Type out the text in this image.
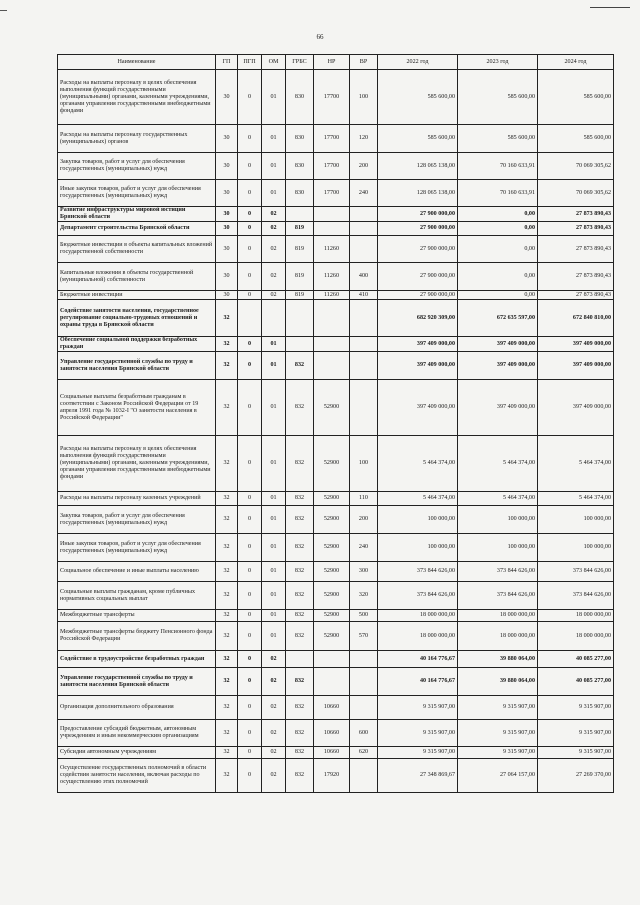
66
Наименование	ГП	ПГП	ОМ	ГРБС	НР	ВР	2022 год	2023 год	2024 год
Расходы на выплаты персоналу в целях обеспечения выполнения функций государственными (муниципальными) органами, казенными учреждениями, органами управления государственными внебюджетными фондами	30	0	01	830	17700	100	585 600,00	585 600,00	585 600,00
Расходы на выплаты персоналу государственных (муниципальных) органов	30	0	01	830	17700	120	585 600,00	585 600,00	585 600,00
Закупка товаров, работ и услуг для обеспечения государственных (муниципальных) нужд	30	0	01	830	17700	200	128 065 138,00	70 160 633,91	70 069 305,62
Иные закупки товаров, работ и услуг для обеспечения государственных (муниципальных) нужд	30	0	01	830	17700	240	128 065 138,00	70 160 633,91	70 069 305,62
Развитие инфраструктуры мировой юстиции Брянской области	30	0	02				27 900 000,00	0,00	27 873 890,43
Департамент строительства Брянской области	30	0	02	819			27 900 000,00	0,00	27 873 890,43
Бюджетные инвестиции в объекты капитальных вложений государственной собственности	30	0	02	819	11260		27 900 000,00	0,00	27 873 890,43
Капитальные вложения в объекты государственной (муниципальной) собственности	30	0	02	819	11260	400	27 900 000,00	0,00	27 873 890,43
Бюджетные инвестиции	30	0	02	819	11260	410	27 900 000,00	0,00	27 873 890,43
Содействие занятости населения, государственное регулирование социально-трудовых отношений и охраны труда в Брянской области	32						682 920 309,00	672 635 597,00	672 840 810,00
Обеспечение социальной поддержки безработных граждан	32	0	01				397 409 000,00	397 409 000,00	397 409 000,00
Управление государственной службы по труду и занятости населения Брянской области	32	0	01	832			397 409 000,00	397 409 000,00	397 409 000,00
Социальные выплаты безработным гражданам в соответствии с Законом Российской Федерации от 19 апреля 1991 года № 1032-I "О занятости населения в Российской Федерации"	32	0	01	832	52900		397 409 000,00	397 409 000,00	397 409 000,00
Расходы на выплаты персоналу в целях обеспечения выполнения функций государственными (муниципальными) органами, казенными учреждениями, органами управления государственными внебюджетными фондами	32	0	01	832	52900	100	5 464 374,00	5 464 374,00	5 464 374,00
Расходы на выплаты персоналу казенных учреждений	32	0	01	832	52900	110	5 464 374,00	5 464 374,00	5 464 374,00
Закупка товаров, работ и услуг для обеспечения государственных (муниципальных) нужд	32	0	01	832	52900	200	100 000,00	100 000,00	100 000,00
Иные закупки товаров, работ и услуг для обеспечения государственных (муниципальных) нужд	32	0	01	832	52900	240	100 000,00	100 000,00	100 000,00
Социальное обеспечение и иные выплаты населению	32	0	01	832	52900	300	373 844 626,00	373 844 626,00	373 844 626,00
Социальные выплаты гражданам, кроме публичных нормативных социальных выплат	32	0	01	832	52900	320	373 844 626,00	373 844 626,00	373 844 626,00
Межбюджетные трансферты	32	0	01	832	52900	500	18 000 000,00	18 000 000,00	18 000 000,00
Межбюджетные трансферты бюджету Пенсионного фонда Российской Федерации	32	0	01	832	52900	570	18 000 000,00	18 000 000,00	18 000 000,00
Содействие в трудоустройстве безработных граждан	32	0	02				40 164 776,67	39 880 064,00	40 085 277,00
Управление государственной службы по труду и занятости населения Брянской области	32	0	02	832			40 164 776,67	39 880 064,00	40 085 277,00
Организация дополнительного образования	32	0	02	832	10660		9 315 907,00	9 315 907,00	9 315 907,00
Предоставление субсидий бюджетным, автономным учреждениям и иным некоммерческим организациям	32	0	02	832	10660	600	9 315 907,00	9 315 907,00	9 315 907,00
Субсидии автономным учреждениям	32	0	02	832	10660	620	9 315 907,00	9 315 907,00	9 315 907,00
Осуществление государственных полномочий в области содействия занятости населения, включая расходы по осуществлению этих полномочий	32	0	02	832	17920		27 348 869,67	27 064 157,00	27 269 370,00
